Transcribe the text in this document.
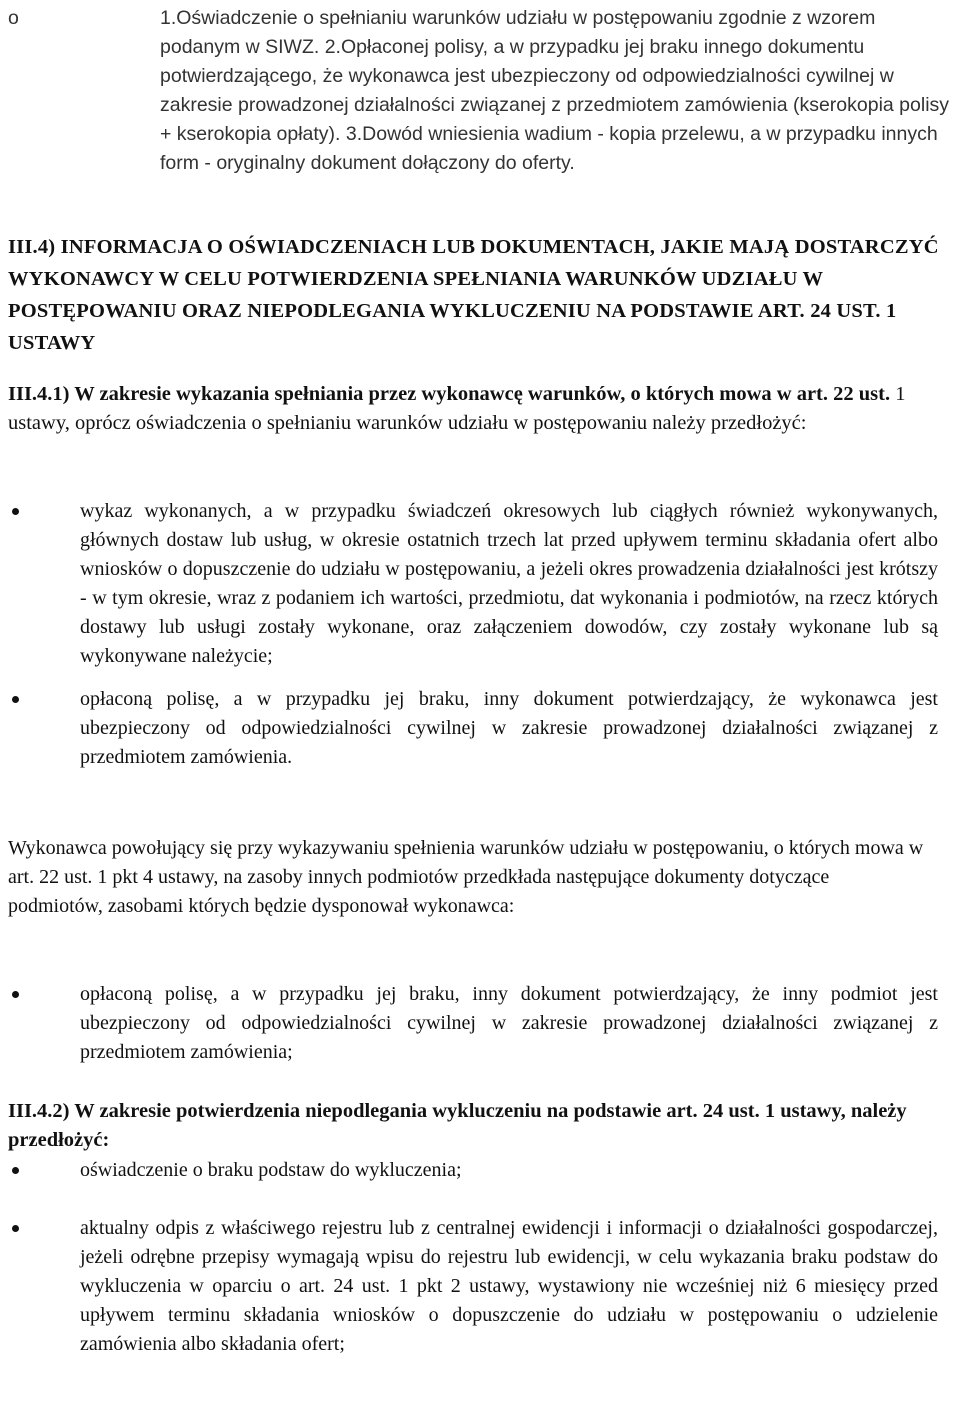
o	1.Oświadczenie o spełnianiu warunków udziału w postępowaniu zgodnie z wzorem podanym w SIWZ. 2.Opłaconej polisy, a w przypadku jej braku innego dokumentu potwierdzającego, że wykonawca jest ubezpieczony od odpowiedzialności cywilnej w zakresie prowadzonej działalności związanej z przedmiotem zamówienia (kserokopia polisy + kserokopia opłaty). 3.Dowód wniesienia wadium - kopia przelewu, a w przypadku innych form - oryginalny dokument dołączony do oferty.
III.4) INFORMACJA O OŚWIADCZENIACH LUB DOKUMENTACH, JAKIE MAJĄ DOSTARCZYĆ WYKONAWCY W CELU POTWIERDZENIA SPEŁNIANIA WARUNKÓW UDZIAŁU W POSTĘPOWANIU ORAZ NIEPODLEGANIA WYKLUCZENIU NA PODSTAWIE ART. 24 UST. 1 USTAWY
III.4.1) W zakresie wykazania spełniania przez wykonawcę warunków, o których mowa w art. 22 ust. 1 ustawy, oprócz oświadczenia o spełnianiu warunków udziału w postępowaniu należy przedłożyć:
wykaz wykonanych, a w przypadku świadczeń okresowych lub ciągłych również wykonywanych, głównych dostaw lub usług, w okresie ostatnich trzech lat przed upływem terminu składania ofert albo wniosków o dopuszczenie do udziału w postępowaniu, a jeżeli okres prowadzenia działalności jest krótszy - w tym okresie, wraz z podaniem ich wartości, przedmiotu, dat wykonania i podmiotów, na rzecz których dostawy lub usługi zostały wykonane, oraz załączeniem dowodów, czy zostały wykonane lub są wykonywane należycie;
opłaconą polisę, a w przypadku jej braku, inny dokument potwierdzający, że wykonawca jest ubezpieczony od odpowiedzialności cywilnej w zakresie prowadzonej działalności związanej z przedmiotem zamówienia.
Wykonawca powołujący się przy wykazywaniu spełnienia warunków udziału w postępowaniu, o których mowa w art. 22 ust. 1 pkt 4 ustawy, na zasoby innych podmiotów przedkłada następujące dokumenty dotyczące podmiotów, zasobami których będzie dysponował wykonawca:
opłaconą polisę, a w przypadku jej braku, inny dokument potwierdzający, że inny podmiot jest ubezpieczony od odpowiedzialności cywilnej w zakresie prowadzonej działalności związanej z przedmiotem zamówienia;
III.4.2) W zakresie potwierdzenia niepodlegania wykluczeniu na podstawie art. 24 ust. 1 ustawy, należy przedłożyć:
oświadczenie o braku podstaw do wykluczenia;
aktualny odpis z właściwego rejestru lub z centralnej ewidencji i informacji o działalności gospodarczej, jeżeli odrębne przepisy wymagają wpisu do rejestru lub ewidencji, w celu wykazania braku podstaw do wykluczenia w oparciu o art. 24 ust. 1 pkt 2 ustawy, wystawiony nie wcześniej niż 6 miesięcy przed upływem terminu składania wniosków o dopuszczenie do udziału w postępowaniu o udzielenie zamówienia albo składania ofert;
